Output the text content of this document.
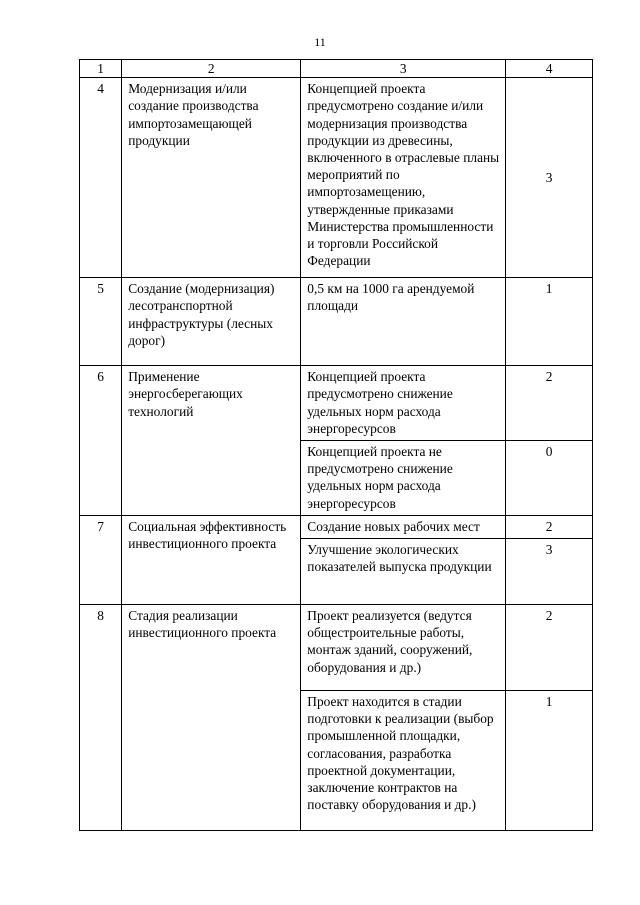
11
1	2	3	4
4	Модернизация и/или создание производства импортозамещающей продукции	Концепцией проекта предусмотрено создание и/или модернизация производства продукции из древесины, включенного в отраслевые планы мероприятий по импортозамещению, утвержденные приказами Министерства промышленности и торговли Российской Федерации	3
5	Создание (модернизация) лесотранспортной инфраструктуры (лесных дорог)	0,5 км на 1000 га арендуемой площади	1
6	Применение энергосберегающих технологий	Концепцией проекта предусмотрено снижение удельных норм расхода энергоресурсов	2
		Концепцией проекта не предусмотрено снижение удельных норм расхода энергоресурсов	0
7	Социальная эффективность инвестиционного проекта	Создание новых рабочих мест	2
		Улучшение экологических показателей выпуска продукции	3
8	Стадия реализации инвестиционного проекта	Проект реализуется (ведутся общестроительные работы, монтаж зданий, сооружений, оборудования и др.)	2
		Проект находится в стадии подготовки к реализации (выбор промышленной площадки, согласования, разработка проектной документации, заключение контрактов на поставку оборудования и др.)	1
